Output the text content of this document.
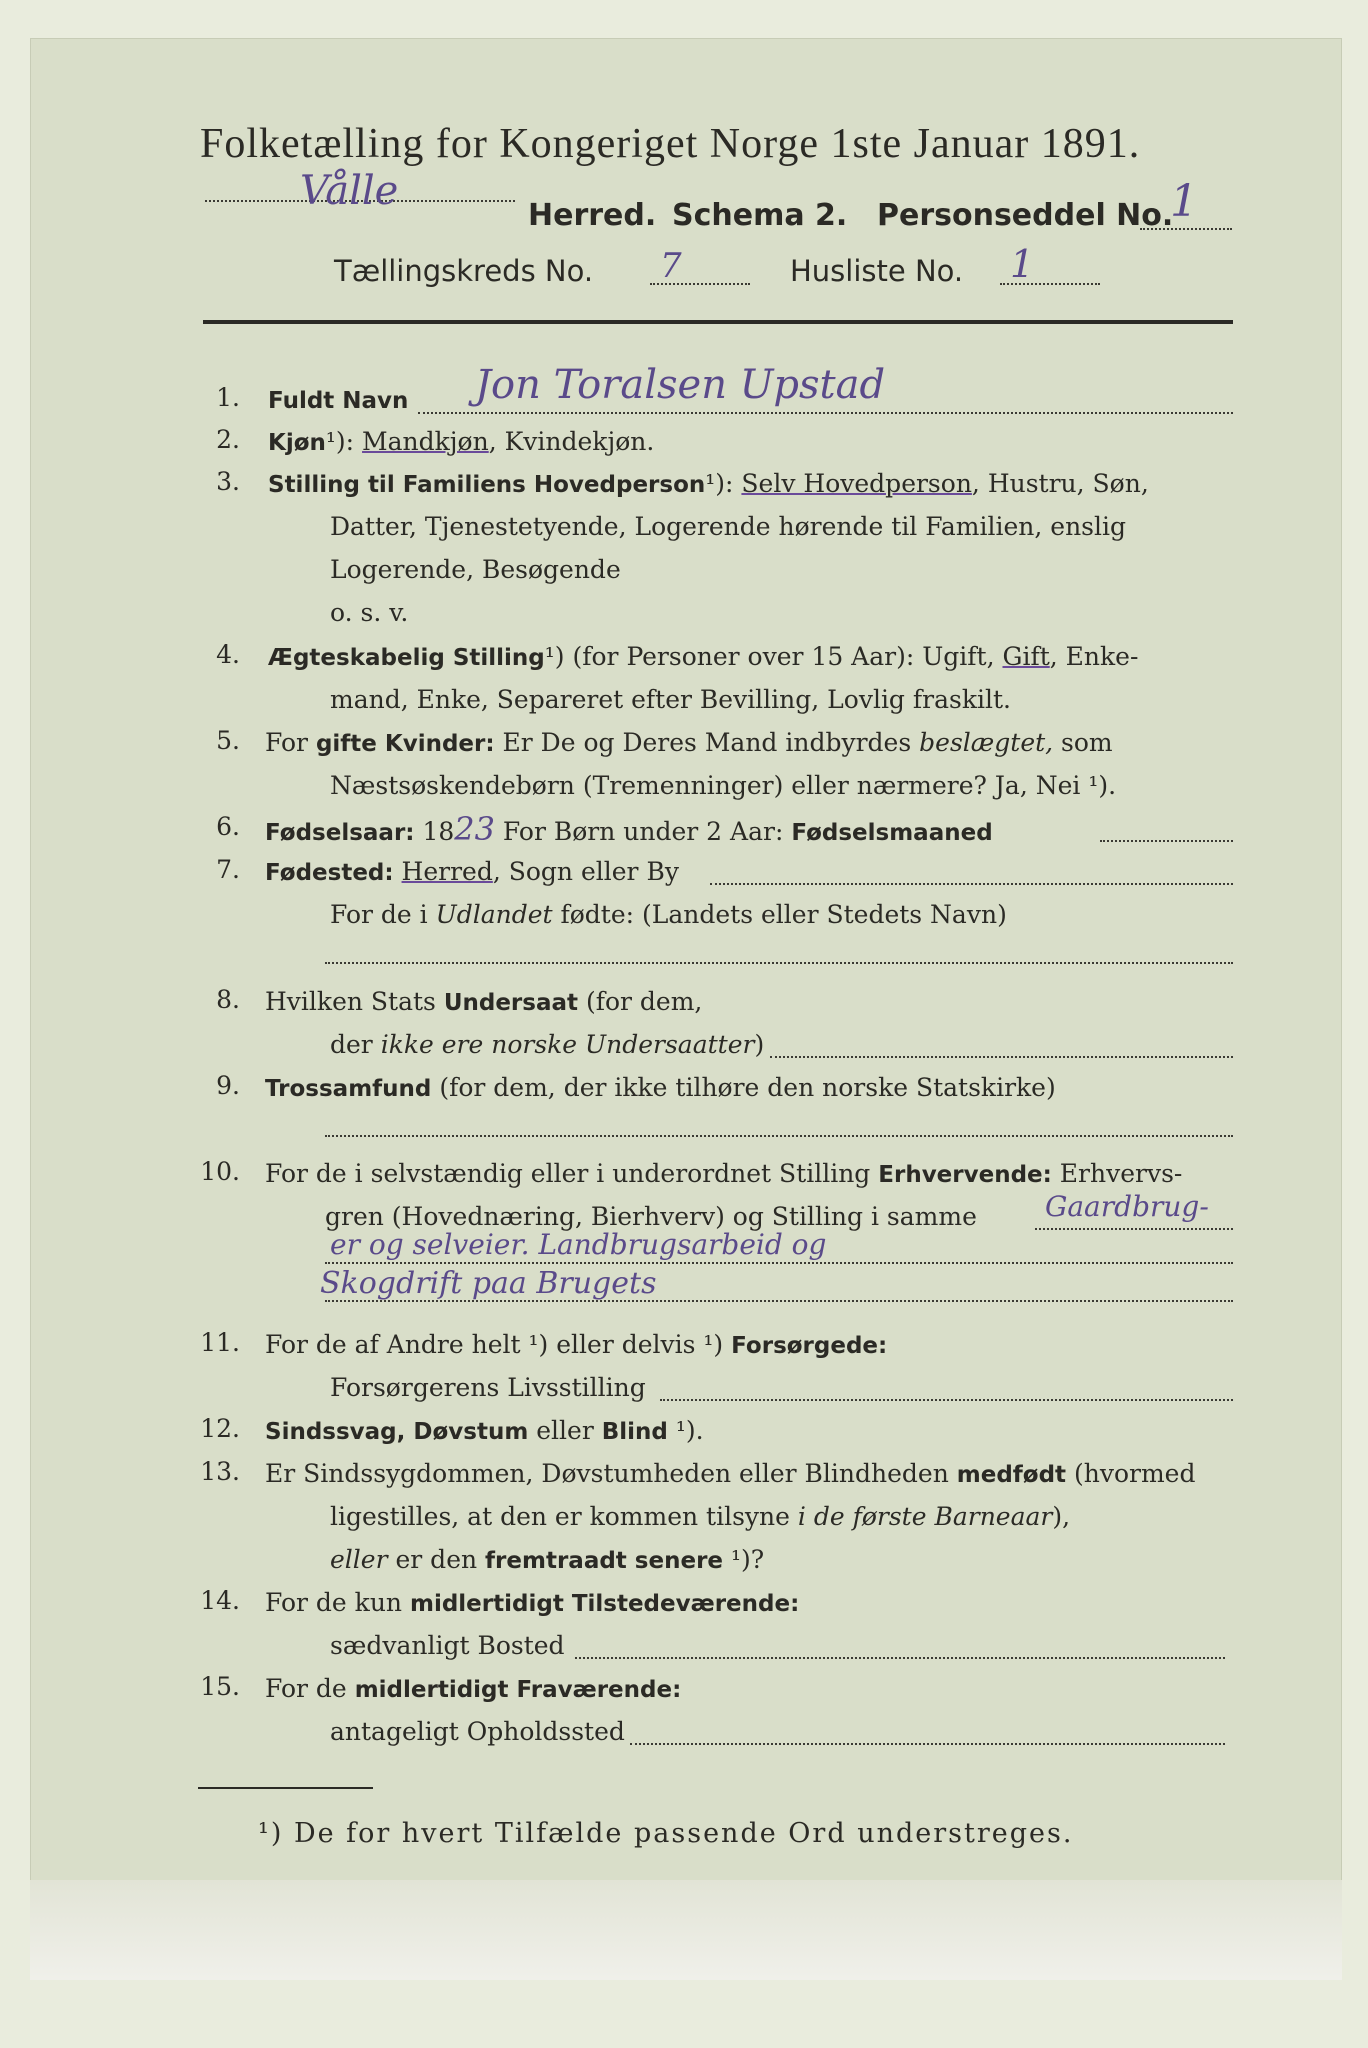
Folketælling for Kongeriget Norge 1ste Januar 1891.
Vålle
Herred. Schema 2. Personseddel No.
1
Tællingskreds No. 7	Husliste No. 1
1. Fuldt Navn Jon Toralsen Upstad
2. Kjøn¹): Mandkjøn, Kvindekjøn.
3. Stilling til Familiens Hovedperson¹): Selv Hovedperson, Hustru, Søn,
Datter, Tjenestetyende, Logerende hørende til Familien, enslig
Logerende, Besøgende
o. s. v.
4. Ægteskabelig Stilling¹) (for Personer over 15 Aar): Ugift, Gift, Enke-
mand, Enke, Separeret efter Bevilling, Lovlig fraskilt.
5. For gifte Kvinder: Er De og Deres Mand indbyrdes beslægtet, som
Næstsøskendebørn (Tremenninger) eller nærmere? Ja, Nei ¹).
6. Fødselsaar: 1823 For Børn under 2 Aar: Fødselsmaaned
7. Fødested: Herred, Sogn eller By
For de i Udlandet fødte: (Landets eller Stedets Navn)
8. Hvilken Stats Undersaat (for dem,
der ikke ere norske Undersaatter)
9. Trossamfund (for dem, der ikke tilhøre den norske Statskirke)
10. For de i selvstændig eller i underordnet Stilling Erhvervende: Erhvervs-
gren (Hovednæring, Bierhverv) og Stilling i samme Gaardbrug-
er og selveier. Landbrugsarbeid og
Skogdrift paa Brugets
11. For de af Andre helt ¹) eller delvis ¹) Forsørgede:
Forsørgerens Livsstilling
12. Sindssvag, Døvstum eller Blind ¹).
13. Er Sindssygdommen, Døvstumheden eller Blindheden medfødt (hvormed
ligestilles, at den er kommen tilsyne i de første Barneaar),
eller er den fremtraadt senere ¹)?
14. For de kun midlertidigt Tilstedeværende:
sædvanligt Bosted
15. For de midlertidigt Fraværende:
antageligt Opholdssted
¹) De for hvert Tilfælde passende Ord understreges.
